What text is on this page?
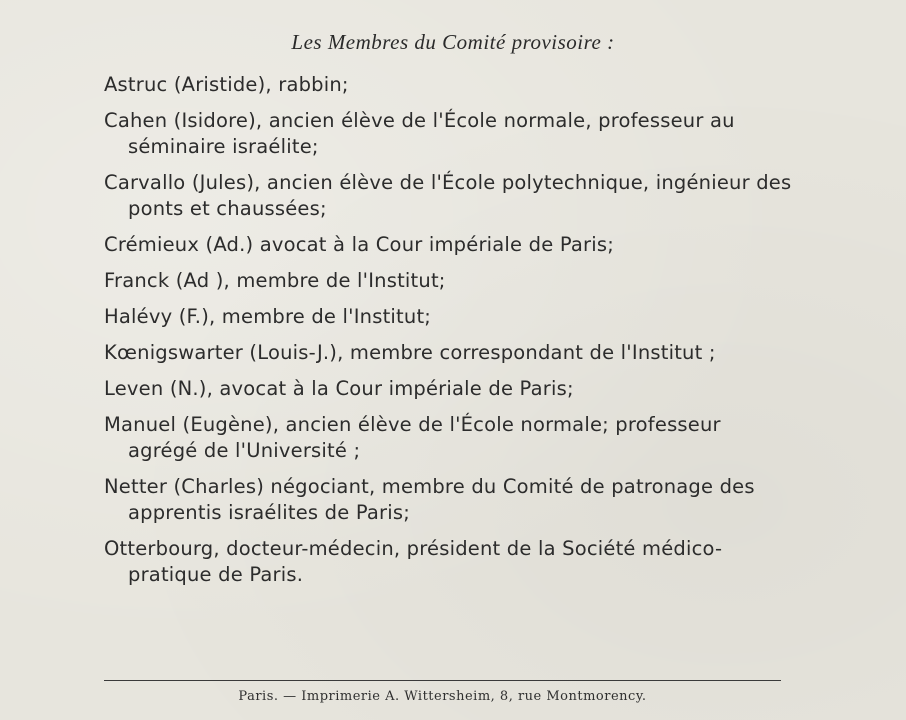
Les Membres du Comité provisoire :
Astruc (Aristide), rabbin;
Cahen (Isidore), ancien élève de l'École normale, professeur au séminaire israélite;
Carvallo (Jules), ancien élève de l'École polytechnique, ingénieur des ponts et chaussées;
Crémieux (Ad.) avocat à la Cour impériale de Paris;
Franck (Ad ), membre de l'Institut;
Halévy (F.), membre de l'Institut;
Kœnigswarter (Louis-J.), membre correspondant de l'Institut ;
Leven (N.), avocat à la Cour impériale de Paris;
Manuel (Eugène), ancien élève de l'École normale; professeur agrégé de l'Université ;
Netter (Charles) négociant, membre du Comité de patronage des apprentis israélites de Paris;
Otterbourg, docteur-médecin, président de la Société médico-pratique de Paris.
Paris. — Imprimerie A. Wittersheim, 8, rue Montmorency.
